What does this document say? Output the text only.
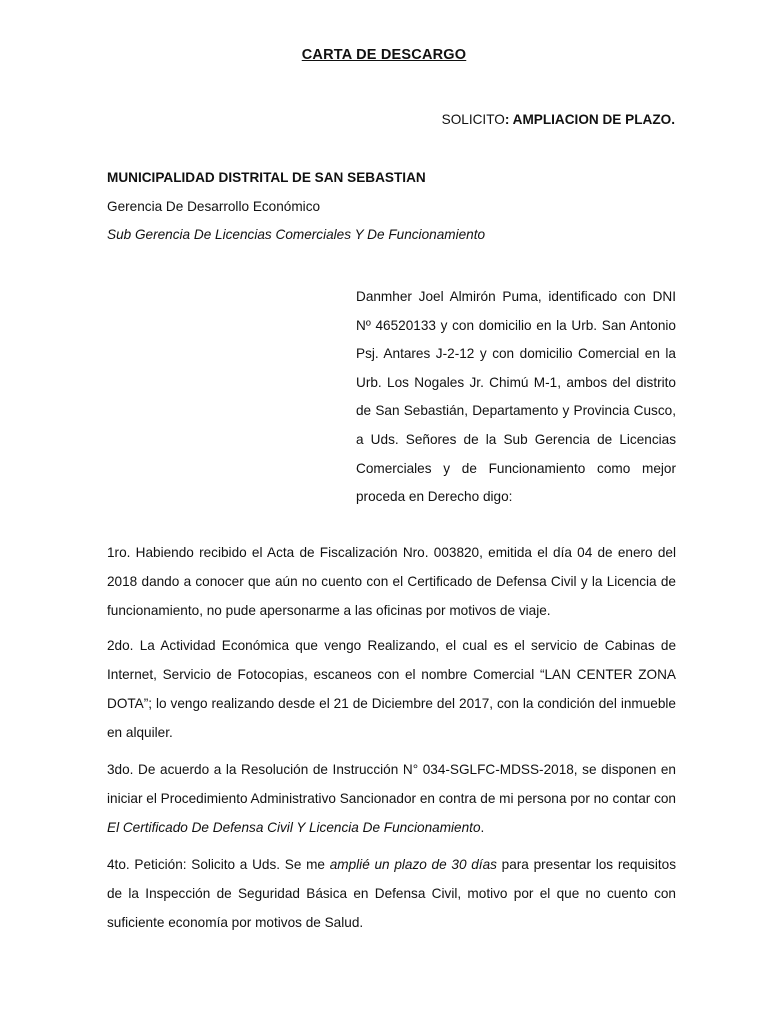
CARTA DE DESCARGO
SOLICITO: AMPLIACION DE PLAZO.
MUNICIPALIDAD DISTRITAL DE SAN SEBASTIAN
Gerencia De Desarrollo Económico
Sub Gerencia De Licencias Comerciales Y De Funcionamiento
Danmher Joel Almirón Puma, identificado con DNI Nº 46520133 y con domicilio en la Urb. San Antonio Psj. Antares J-2-12 y con domicilio Comercial en la Urb. Los Nogales Jr. Chimú M-1, ambos del distrito de San Sebastián, Departamento y Provincia Cusco, a Uds. Señores de la Sub Gerencia de Licencias Comerciales y de Funcionamiento como mejor proceda en Derecho digo:

1ro. Habiendo recibido el Acta de Fiscalización Nro. 003820, emitida el día 04 de enero del 2018 dando a conocer que aún no cuento con el Certificado de Defensa Civil y la Licencia de funcionamiento, no pude apersonarme a las oficinas por motivos de viaje.

2do. La Actividad Económica que vengo Realizando, el cual es el servicio de Cabinas de Internet, Servicio de Fotocopias, escaneos con el nombre Comercial “LAN CENTER ZONA DOTA”; lo vengo realizando desde el 21 de Diciembre del 2017, con la condición del inmueble en alquiler.

3do. De acuerdo a la Resolución de Instrucción N° 034-SGLFC-MDSS-2018, se disponen en iniciar el Procedimiento Administrativo Sancionador en contra de mi persona por no contar con El Certificado De Defensa Civil Y Licencia De Funcionamiento.

4to. Petición: Solicito a Uds. Se me amplié un plazo de 30 días para presentar los requisitos de la Inspección de Seguridad Básica en Defensa Civil, motivo por el que no cuento con suficiente economía por motivos de Salud.
